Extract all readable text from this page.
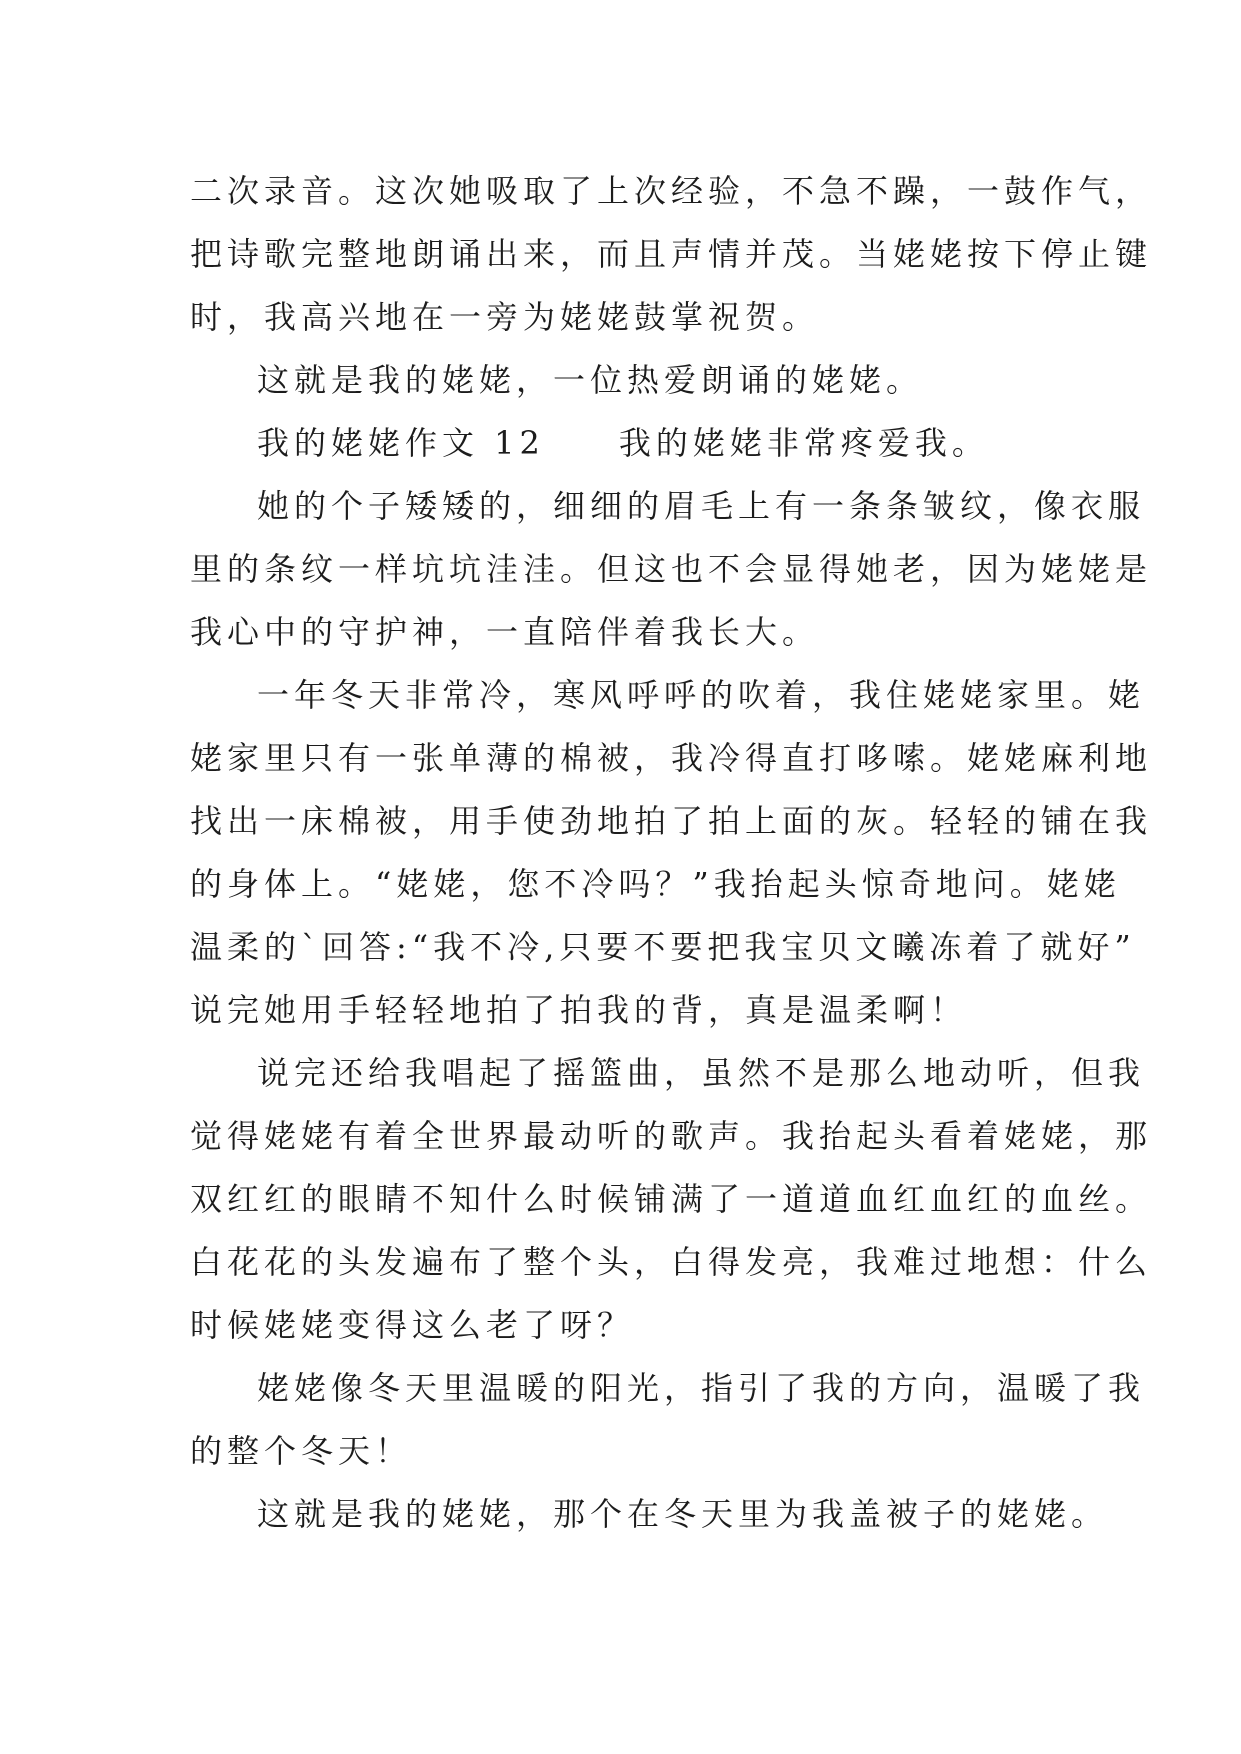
二次录音。这次她吸取了上次经验，不急不躁，一鼓作气，
把诗歌完整地朗诵出来，而且声情并茂。当姥姥按下停止键
时，我高兴地在一旁为姥姥鼓掌祝贺。
这就是我的姥姥，一位热爱朗诵的姥姥。
我的姥姥作文 12　　我的姥姥非常疼爱我。
她的个子矮矮的，细细的眉毛上有一条条皱纹，像衣服
里的条纹一样坑坑洼洼。但这也不会显得她老，因为姥姥是
我心中的守护神，一直陪伴着我长大。
一年冬天非常冷，寒风呼呼的吹着，我住姥姥家里。姥
姥家里只有一张单薄的棉被，我冷得直打哆嗦。姥姥麻利地
找出一床棉被，用手使劲地拍了拍上面的灰。轻轻的铺在我
的身体上。“姥姥，您不冷吗？”我抬起头惊奇地问。姥姥
温柔的`回答:“我不冷,只要不要把我宝贝文曦冻着了就好”
说完她用手轻轻地拍了拍我的背，真是温柔啊！
说完还给我唱起了摇篮曲，虽然不是那么地动听，但我
觉得姥姥有着全世界最动听的歌声。我抬起头看着姥姥，那
双红红的眼睛不知什么时候铺满了一道道血红血红的血丝。
白花花的头发遍布了整个头，白得发亮，我难过地想：什么
时候姥姥变得这么老了呀？
姥姥像冬天里温暖的阳光，指引了我的方向，温暖了我
的整个冬天！
这就是我的姥姥，那个在冬天里为我盖被子的姥姥。
